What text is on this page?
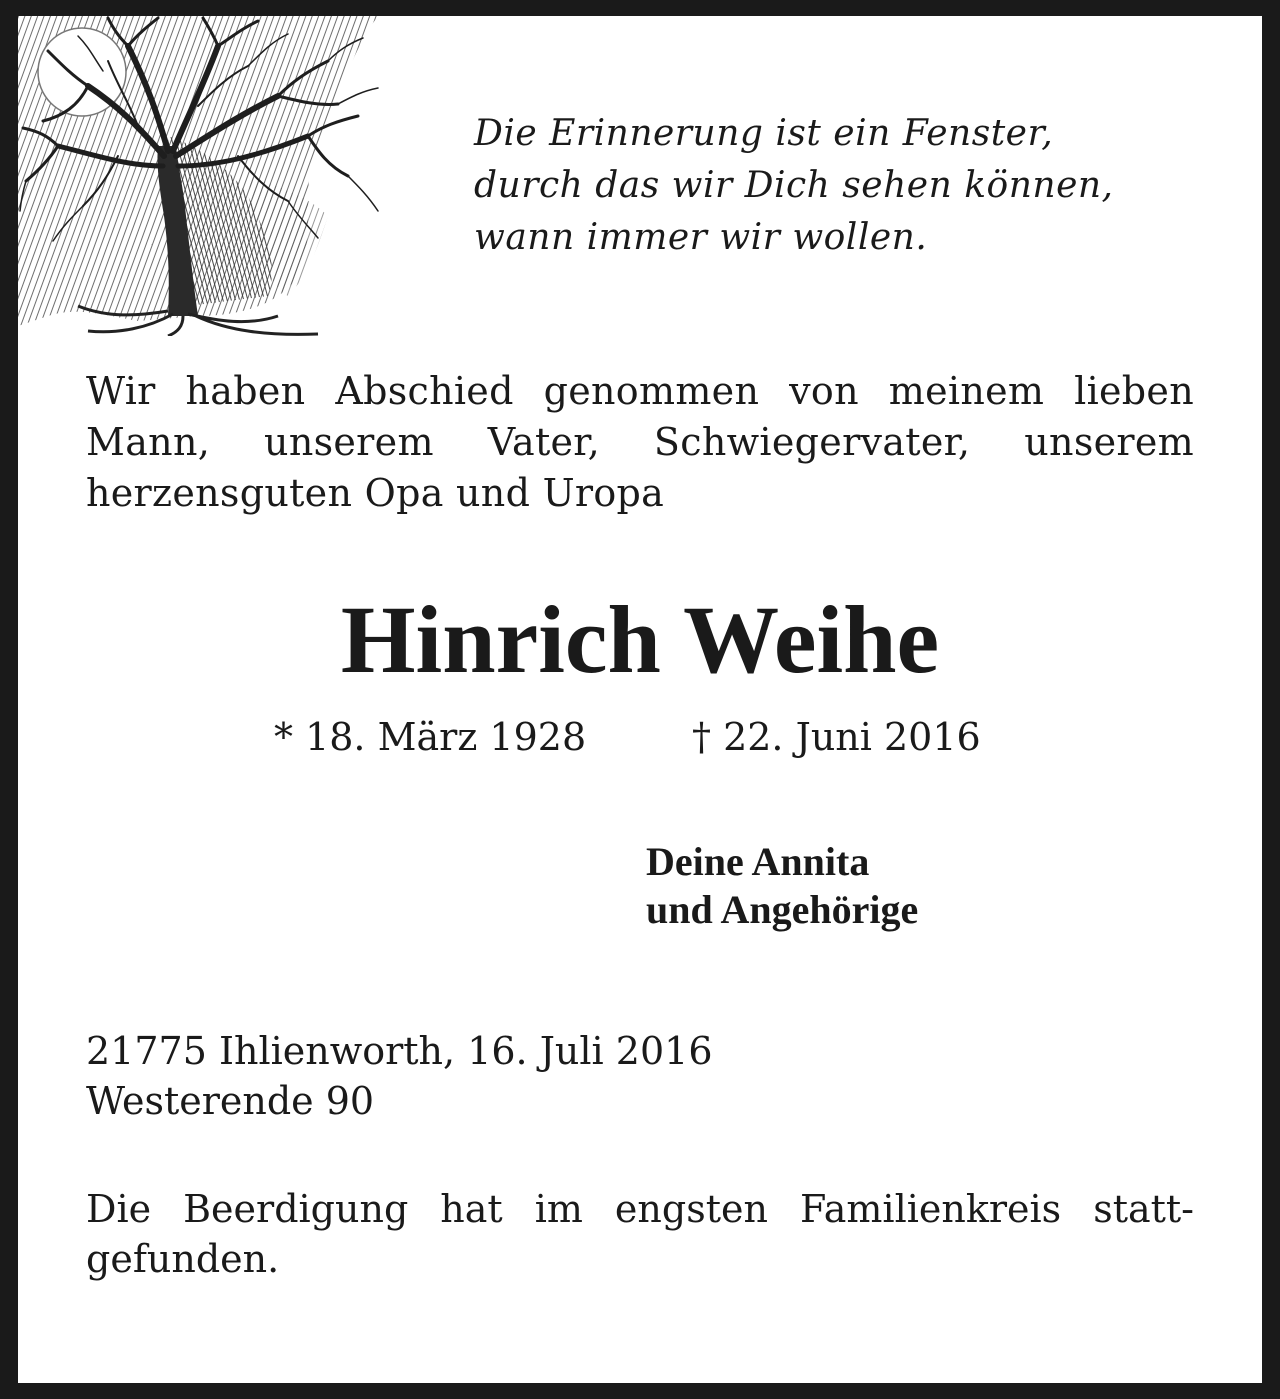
Die Erinnerung ist ein Fenster,
durch das wir Dich sehen können,
wann immer wir wollen.
Wir haben Abschied genommen von meinem lieben
Mann, unserem Vater, Schwiegervater, unserem
herzensguten Opa und Uropa
Hinrich Weihe
* 18. März 1928	† 22. Juni 2016
Deine Annita
und Angehörige
21775 Ihlienworth, 16. Juli 2016
Westerende 90
Die Beerdigung hat im engsten Familienkreis statt-
gefunden.
